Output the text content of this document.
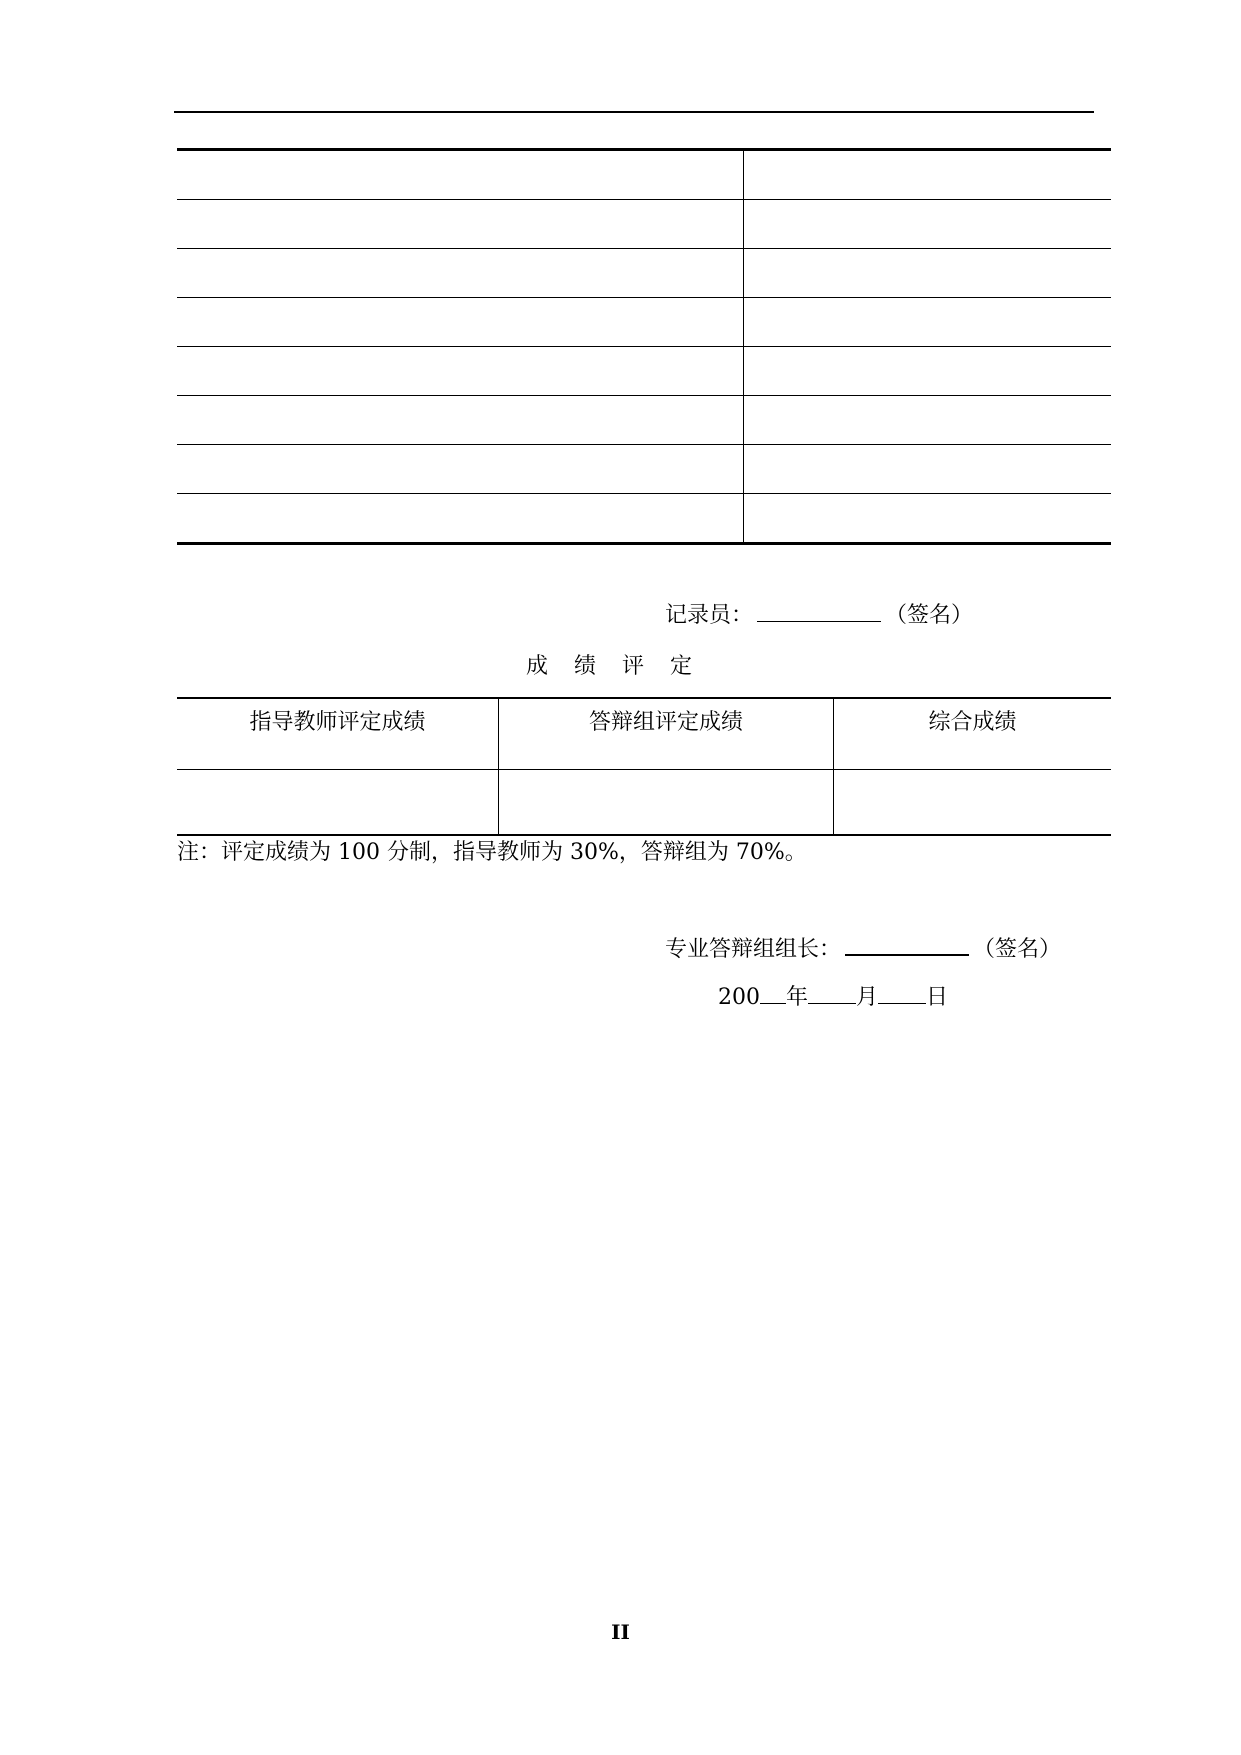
记录员：	（签名）
成绩评定
指导教师评定成绩	答辩组评定成绩	综合成绩

注：评定成绩为 100 分制，指导教师为 30%，答辩组为 70%。
专业答辩组组长：	（签名）
200 年 月 日
II
